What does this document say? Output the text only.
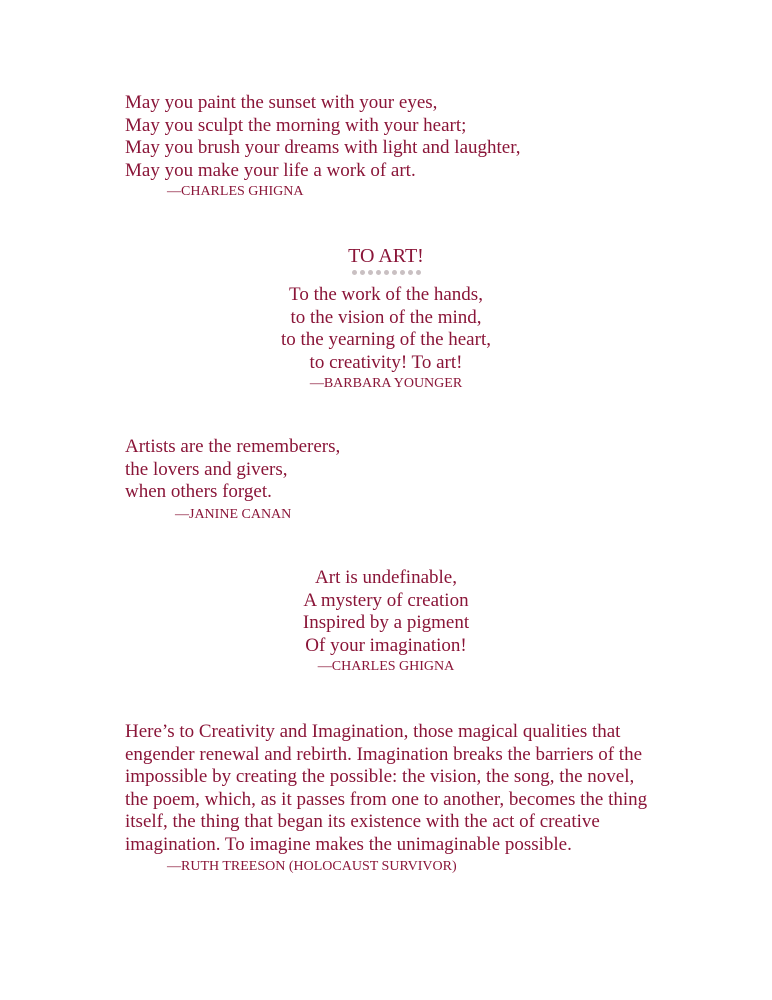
May you paint the sunset with your eyes,
May you sculpt the morning with your heart;
May you brush your dreams with light and laughter,
May you make your life a work of art.
—CHARLES GHIGNA
TO ART!
To the work of the hands,
to the vision of the mind,
to the yearning of the heart,
to creativity! To art!
—BARBARA YOUNGER
Artists are the rememberers,
the lovers and givers,
when others forget.
—JANINE CANAN
Art is undefinable,
A mystery of creation
Inspired by a pigment
Of your imagination!
—CHARLES GHIGNA
Here’s to Creativity and Imagination, those magical qualities that
engender renewal and rebirth. Imagination breaks the barriers of the
impossible by creating the possible: the vision, the song, the novel,
the poem, which, as it passes from one to another, becomes the thing
itself, the thing that began its existence with the act of creative
imagination. To imagine makes the unimaginable possible.
—RUTH TREESON (HOLOCAUST SURVIVOR)
